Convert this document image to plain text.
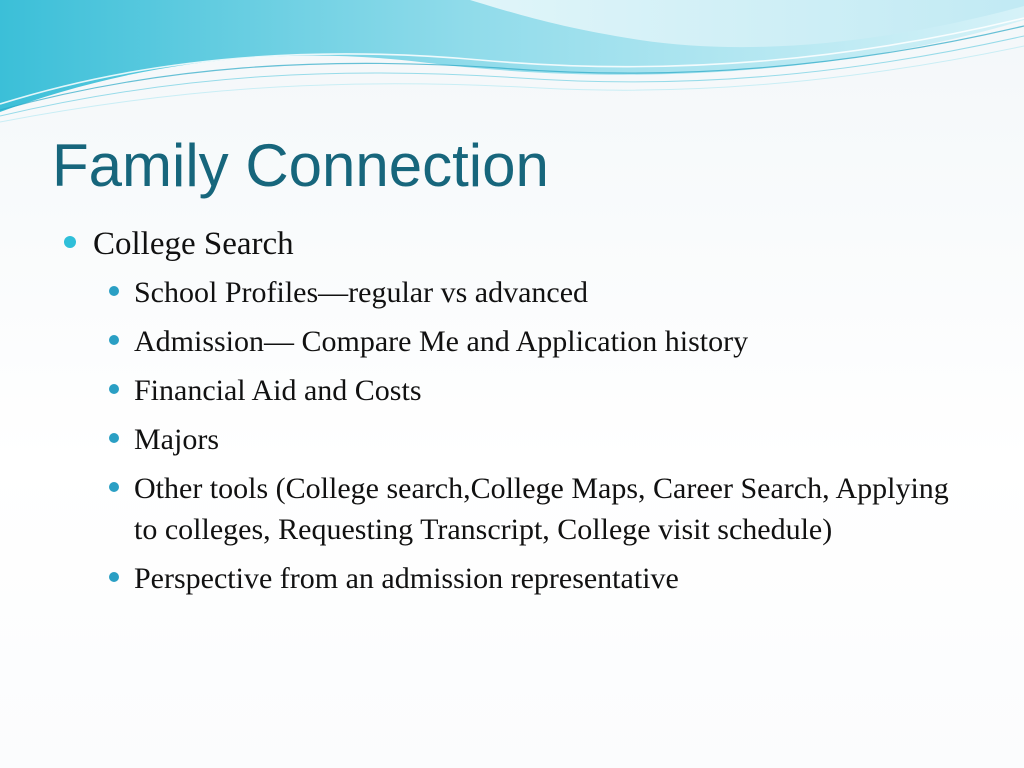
Family Connection
College Search
School Profiles—regular vs advanced
Admission— Compare Me and Application history
Financial Aid and Costs
Majors
Other tools (College search,College Maps, Career Search, Applying to colleges, Requesting Transcript, College visit schedule)
Perspective from an admission representative
